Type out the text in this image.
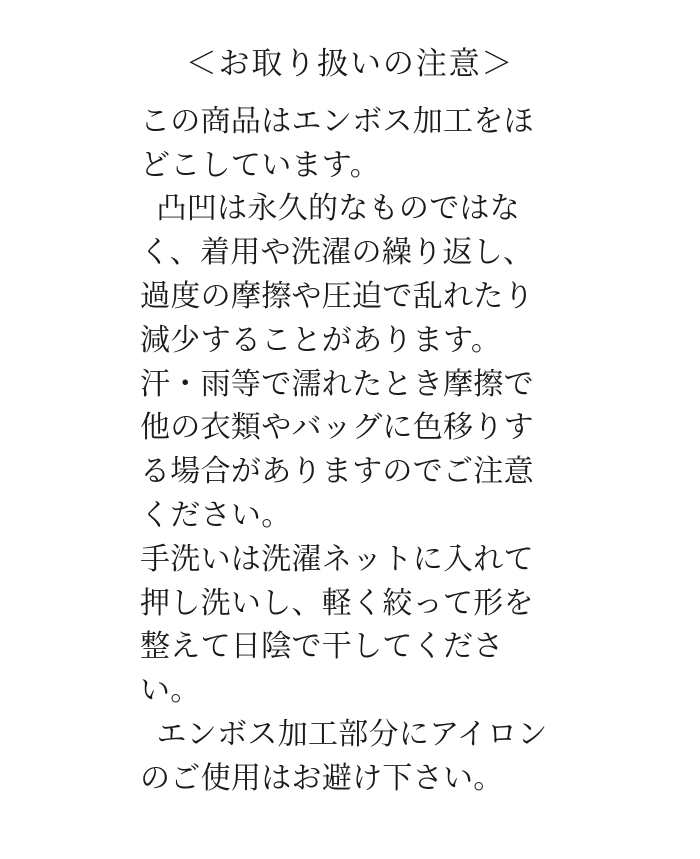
＜お取り扱いの注意＞
この商品はエンボス加工をほ
どこしています。
凸凹は永久的なものではな
く、着用や洗濯の繰り返し、
過度の摩擦や圧迫で乱れたり
減少することがあります。
汗・雨等で濡れたとき摩擦で
他の衣類やバッグに色移りす
る場合がありますのでご注意
ください。
手洗いは洗濯ネットに入れて
押し洗いし、軽く絞って形を
整えて日陰で干してくださ
い。
エンボス加工部分にアイロン
のご使用はお避け下さい。
